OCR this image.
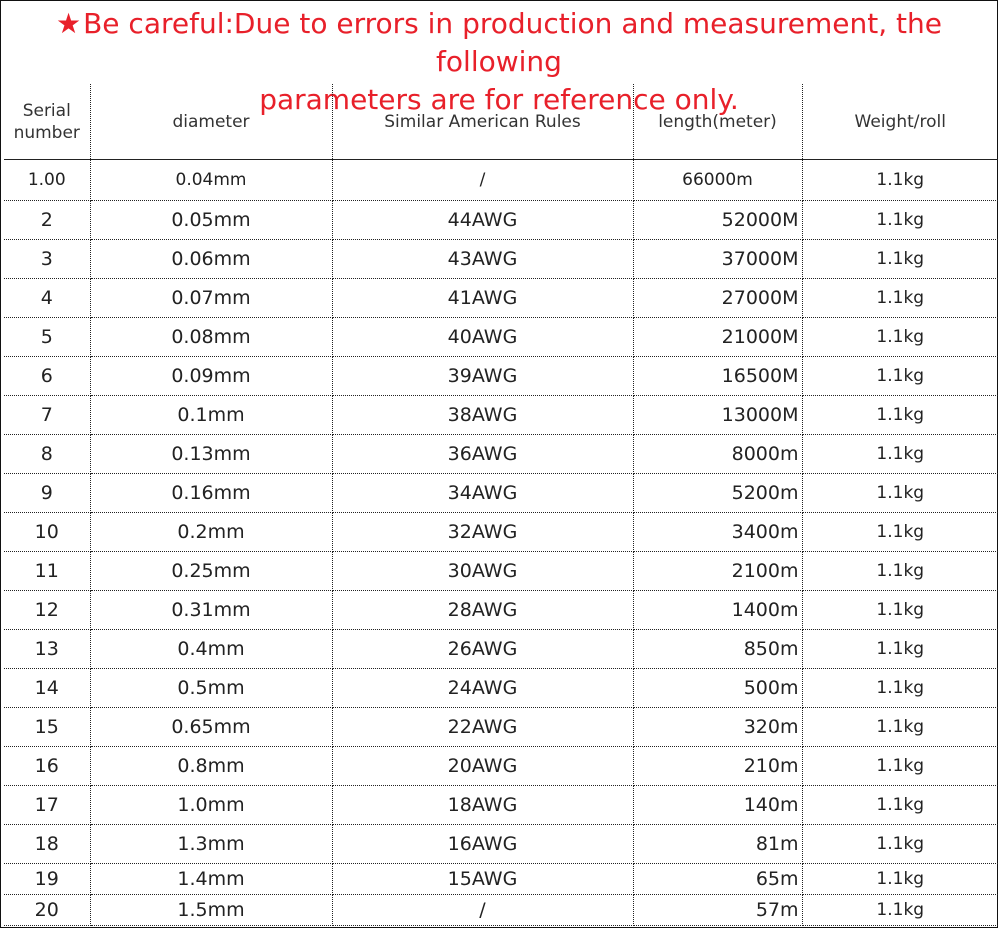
★Be careful:Due to errors in production and measurement, the following
parameters are for reference only.
Serial number	diameter	Similar American Rules	length(meter)	Weight/roll
1.00	0.04mm	/	66000m	1.1kg
2	0.05mm	44AWG	52000M	1.1kg
3	0.06mm	43AWG	37000M	1.1kg
4	0.07mm	41AWG	27000M	1.1kg
5	0.08mm	40AWG	21000M	1.1kg
6	0.09mm	39AWG	16500M	1.1kg
7	0.1mm	38AWG	13000M	1.1kg
8	0.13mm	36AWG	8000m	1.1kg
9	0.16mm	34AWG	5200m	1.1kg
10	0.2mm	32AWG	3400m	1.1kg
11	0.25mm	30AWG	2100m	1.1kg
12	0.31mm	28AWG	1400m	1.1kg
13	0.4mm	26AWG	850m	1.1kg
14	0.5mm	24AWG	500m	1.1kg
15	0.65mm	22AWG	320m	1.1kg
16	0.8mm	20AWG	210m	1.1kg
17	1.0mm	18AWG	140m	1.1kg
18	1.3mm	16AWG	81m	1.1kg
19	1.4mm	15AWG	65m	1.1kg
20	1.5mm	/	57m	1.1kg
